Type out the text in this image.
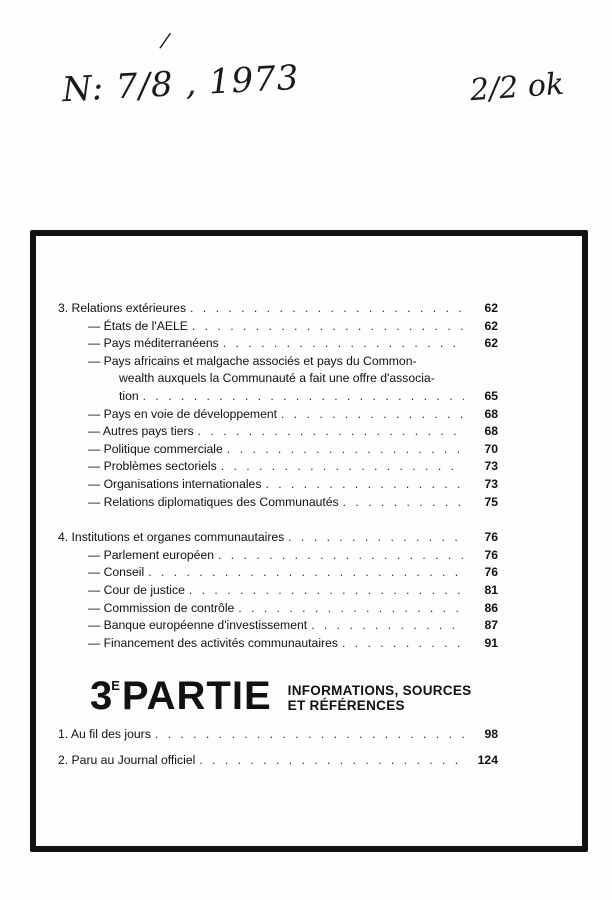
/
N: 7/8 , 1973	2/2 ok
3. Relations extérieures . . .	62
— États de l'AELE . . .	62
— Pays méditerranéens . . .	62
— Pays africains et malgache associés et pays du Common-
wealth auxquels la Communauté a fait une offre d'associa-
tion . . .	65
— Pays en voie de développement . . .	68
— Autres pays tiers . . .	68
— Politique commerciale . . .	70
— Problèmes sectoriels . . .	73
— Organisations internationales . . .	73
— Relations diplomatiques des Communautés . . .	75
4. Institutions et organes communautaires . . .	76
— Parlement européen . . .	76
— Conseil . . .	76
— Cour de justice . . .	81
— Commission de contrôle . . .	86
— Banque européenne d'investissement . . .	87
— Financement des activités communautaires . . .	91
3 E PARTIE INFORMATIONS, SOURCES
ET RÉFÉRENCES
1. Au fil des jours . . .	98
2. Paru au Journal officiel . . .	124
